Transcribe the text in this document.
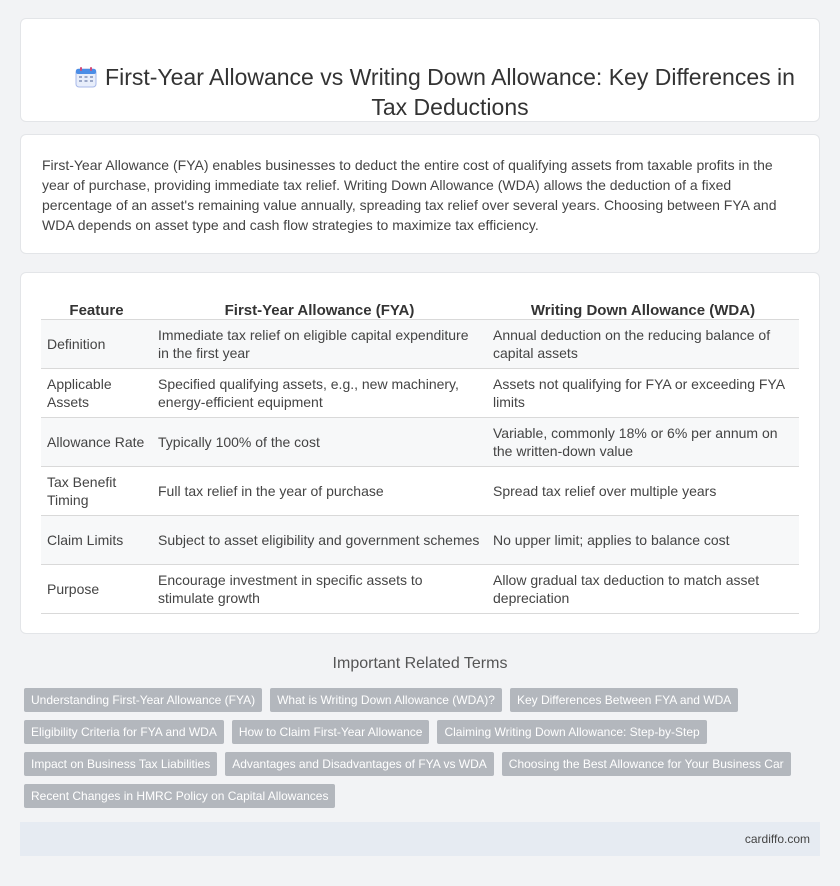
First-Year Allowance vs Writing Down Allowance: Key Differences in Tax Deductions

First-Year Allowance (FYA) enables businesses to deduct the entire cost of qualifying assets from taxable profits in the year of purchase, providing immediate tax relief. Writing Down Allowance (WDA) allows the deduction of a fixed percentage of an asset's remaining value annually, spreading tax relief over several years. Choosing between FYA and WDA depends on asset type and cash flow strategies to maximize tax efficiency.

Feature	First-Year Allowance (FYA)	Writing Down Allowance (WDA)
Definition	Immediate tax relief on eligible capital expenditure in the first year	Annual deduction on the reducing balance of capital assets
Applicable Assets	Specified qualifying assets, e.g., new machinery, energy-efficient equipment	Assets not qualifying for FYA or exceeding FYA limits
Allowance Rate	Typically 100% of the cost	Variable, commonly 18% or 6% per annum on the written-down value
Tax Benefit Timing	Full tax relief in the year of purchase	Spread tax relief over multiple years
Claim Limits	Subject to asset eligibility and government schemes	No upper limit; applies to balance cost
Purpose	Encourage investment in specific assets to stimulate growth	Allow gradual tax deduction to match asset depreciation
Important Related Terms
Understanding First-Year Allowance (FYA)	What is Writing Down Allowance (WDA)?	Key Differences Between FYA and WDA
Eligibility Criteria for FYA and WDA	How to Claim First-Year Allowance	Claiming Writing Down Allowance: Step-by-Step
Impact on Business Tax Liabilities	Advantages and Disadvantages of FYA vs WDA	Choosing the Best Allowance for Your Business Car
Recent Changes in HMRC Policy on Capital Allowances
cardiffo.com
